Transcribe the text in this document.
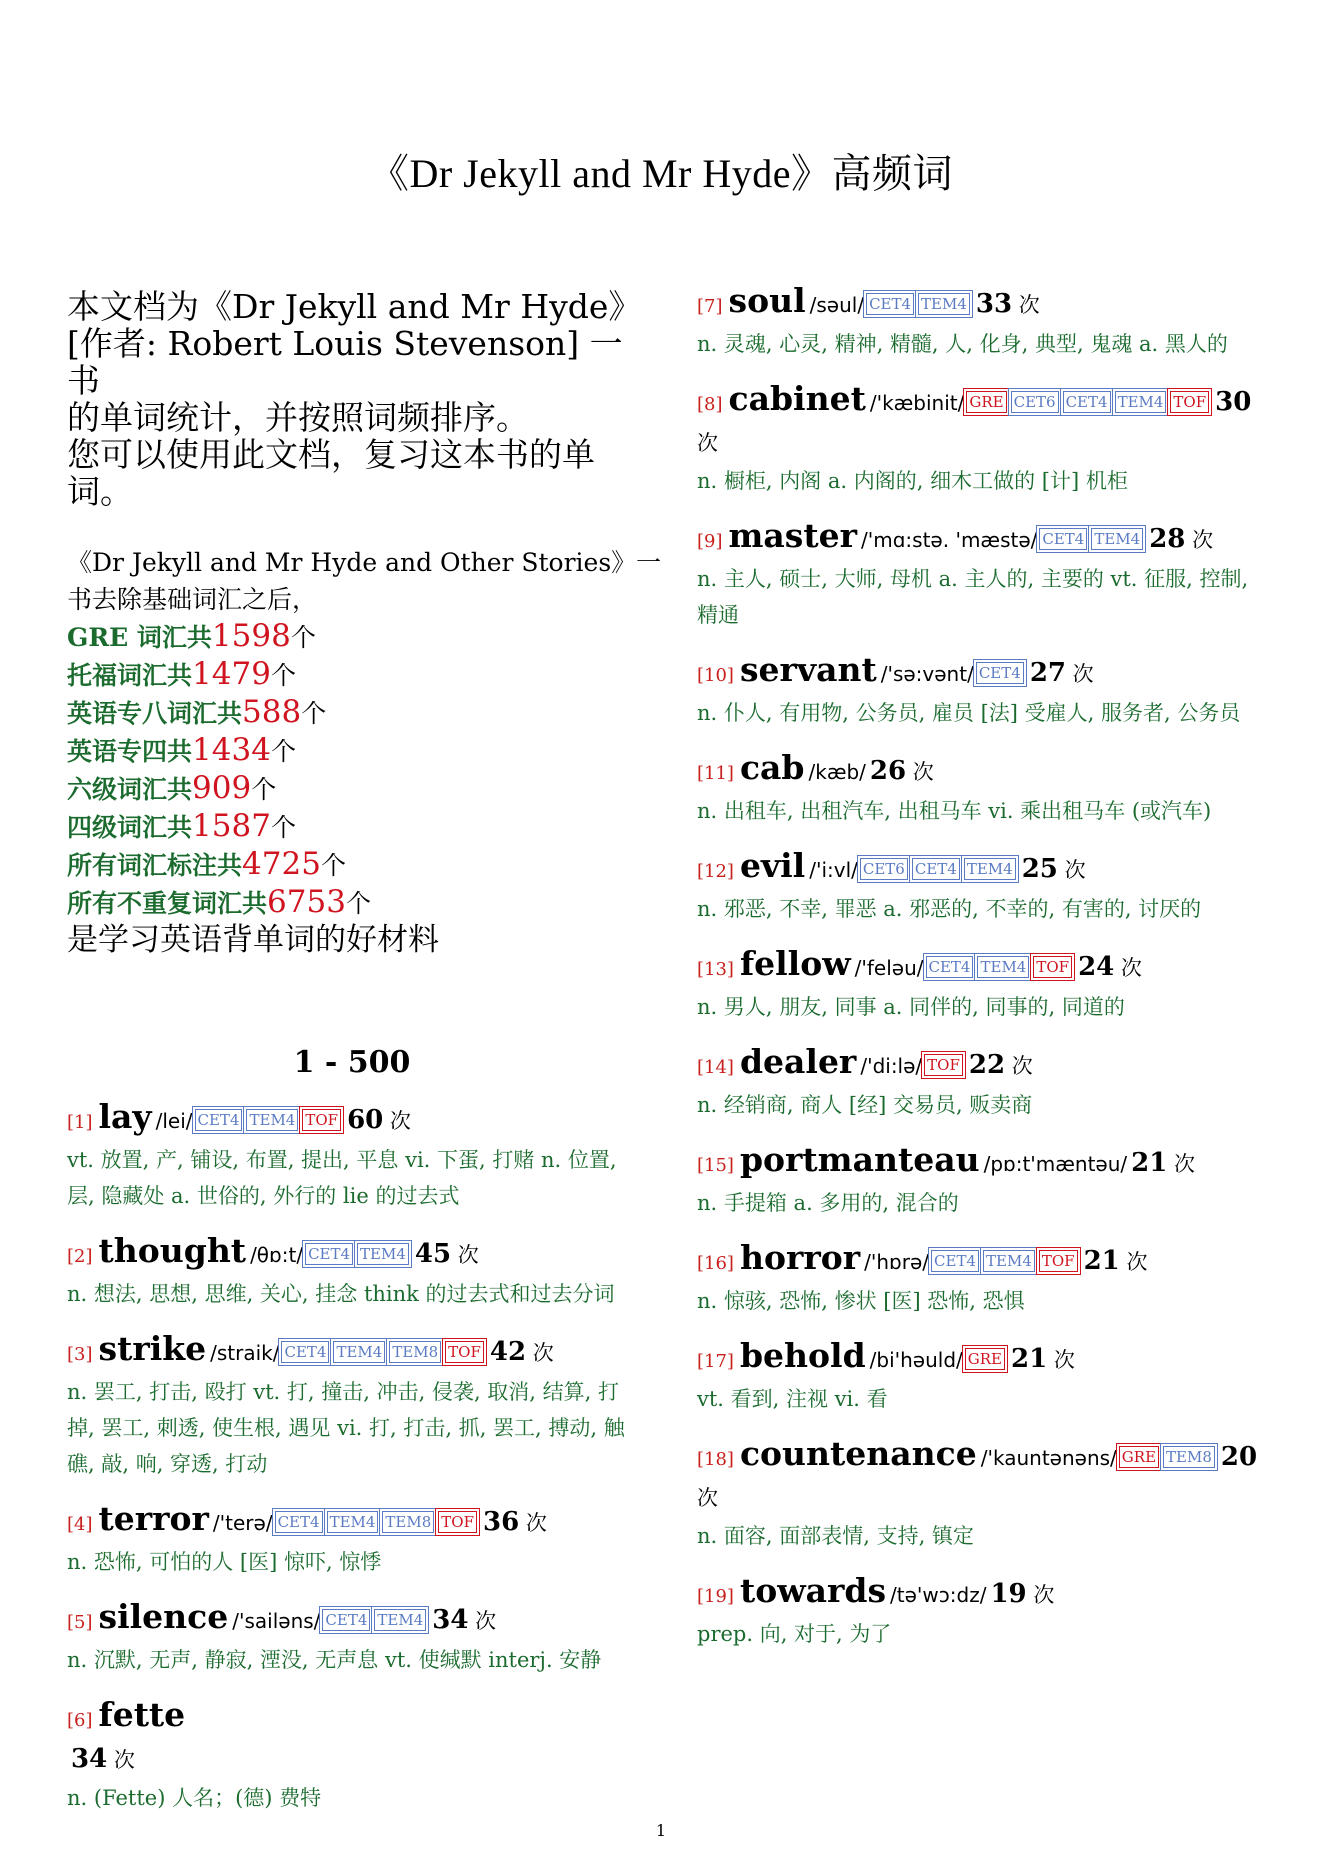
《Dr Jekyll and Mr Hyde》高频词
本文档为《Dr Jekyll and Mr Hyde》
[作者: Robert Louis Stevenson] 一书
的单词统计，并按照词频排序。
您可以使用此文档，复习这本书的单
词。
《Dr Jekyll and Mr Hyde and Other Stories》一
书去除基础词汇之后，
GRE 词汇共1598个
托福词汇共1479个
英语专八词汇共588个
英语专四共1434个
六级词汇共909个
四级词汇共1587个
所有词汇标注共4725个
所有不重复词汇共6753个
是学习英语背单词的好材料
1 - 500
[1] lay /lei/ CET4 TEM4 TOF 60 次
vt. 放置, 产, 铺设, 布置, 提出, 平息 vi. 下蛋, 打赌 n. 位置, 层, 隐藏处 a. 世俗的, 外行的 lie 的过去式
[2] thought /θɒ:t/ CET4 TEM4 45 次
n. 想法, 思想, 思维, 关心, 挂念 think 的过去式和过去分词
[3] strike /straik/ CET4 TEM4 TEM8 TOF 42 次
n. 罢工, 打击, 殴打 vt. 打, 撞击, 冲击, 侵袭, 取消, 结算, 打掉, 罢工, 刺透, 使生根, 遇见 vi. 打, 打击, 抓, 罢工, 搏动, 触礁, 敲, 响, 穿透, 打动
[4] terror /'terə/ CET4 TEM4 TEM8 TOF 36 次
n. 恐怖, 可怕的人 [医] 惊吓, 惊悸
[5] silence /'sailəns/ CET4 TEM4 34 次
n. 沉默, 无声, 静寂, 湮没, 无声息 vt. 使缄默 interj. 安静
[6] fette
34 次
n. (Fette) 人名；(德) 费特
[7] soul /səul/ CET4 TEM4 33 次
n. 灵魂, 心灵, 精神, 精髓, 人, 化身, 典型, 鬼魂 a. 黑人的
[8] cabinet /'kæbinit/ GRE CET6 CET4 TEM4 TOF 30 次
n. 橱柜, 内阁 a. 内阁的, 细木工做的 [计] 机柜
[9] master /'mɑ:stə. 'mæstə/ CET4 TEM4 28 次
n. 主人, 硕士, 大师, 母机 a. 主人的, 主要的 vt. 征服, 控制, 精通
[10] servant /'sə:vənt/ CET4 27 次
n. 仆人, 有用物, 公务员, 雇员 [法] 受雇人, 服务者, 公务员
[11] cab /kæb/ 26 次
n. 出租车, 出租汽车, 出租马车 vi. 乘出租马车 (或汽车)
[12] evil /'i:vl/ CET6 CET4 TEM4 25 次
n. 邪恶, 不幸, 罪恶 a. 邪恶的, 不幸的, 有害的, 讨厌的
[13] fellow /'feləu/ CET4 TEM4 TOF 24 次
n. 男人, 朋友, 同事 a. 同伴的, 同事的, 同道的
[14] dealer /'di:lə/ TOF 22 次
n. 经销商, 商人 [经] 交易员, 贩卖商
[15] portmanteau /pɒ:t'mæntəu/ 21 次
n. 手提箱 a. 多用的, 混合的
[16] horror /'hɒrə/ CET4 TEM4 TOF 21 次
n. 惊骇, 恐怖, 惨状 [医] 恐怖, 恐惧
[17] behold /bi'həuld/ GRE 21 次
vt. 看到, 注视 vi. 看
[18] countenance /'kauntənəns/ GRE TEM8 20 次
n. 面容, 面部表情, 支持, 镇定
[19] towards /tə'wɔ:dz/ 19 次
prep. 向, 对于, 为了
1
